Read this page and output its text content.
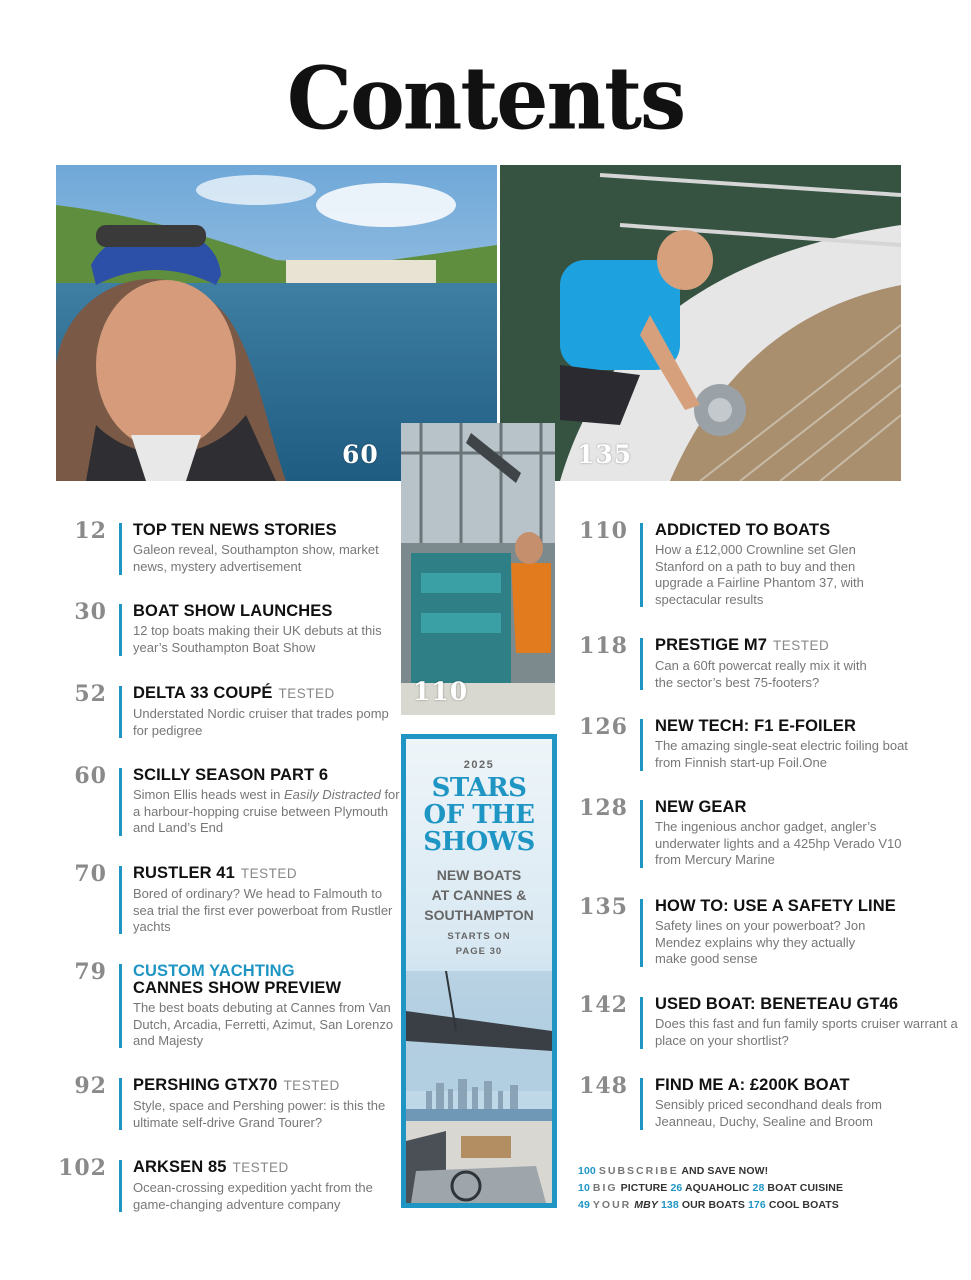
Contents
60	135
110
12 TOP TEN NEWS STORIES
Galeon reveal, Southampton show, market news, mystery advertisement
30 BOAT SHOW LAUNCHES
12 top boats making their UK debuts at this year’s Southampton Boat Show
52 DELTA 33 COUPÉ TESTED
Understated Nordic cruiser that trades pomp for pedigree
60 SCILLY SEASON PART 6
Simon Ellis heads west in Easily Distracted for a harbour-hopping cruise between Plymouth and Land’s End
70 RUSTLER 41 TESTED
Bored of ordinary? We head to Falmouth to sea trial the first ever powerboat from Rustler yachts
79 CUSTOM YACHTING
CANNES SHOW PREVIEW
The best boats debuting at Cannes from Van Dutch, Arcadia, Ferretti, Azimut, San Lorenzo and Majesty
92 PERSHING GTX70 TESTED
Style, space and Pershing power: is this the ultimate self-drive Grand Tourer?
102 ARKSEN 85 TESTED
Ocean-crossing expedition yacht from the game-changing adventure company
110 ADDICTED TO BOATS
How a £12,000 Crownline set Glen Stanford on a path to buy and then upgrade a Fairline Phantom 37, with spectacular results
118 PRESTIGE M7 TESTED
Can a 60ft powercat really mix it with the sector’s best 75-footers?
126 NEW TECH: F1 E-FOILER
The amazing single-seat electric foiling boat from Finnish start-up Foil.One
128 NEW GEAR
The ingenious anchor gadget, angler’s underwater lights and a 425hp Verado V10 from Mercury Marine
135 HOW TO: USE A SAFETY LINE
Safety lines on your powerboat? Jon Mendez explains why they actually make good sense
142 USED BOAT: BENETEAU GT46
Does this fast and fun family sports cruiser warrant a place on your shortlist?
148 FIND ME A: £200K BOAT
Sensibly priced secondhand deals from Jeanneau, Duchy, Sealine and Broom
2025
STARS
OF THE
SHOWS
NEW BOATS
AT CANNES &
SOUTHAMPTON
STARTS ON
PAGE 30
100 SUBSCRIBE AND SAVE NOW!
10 BIG PICTURE 26 AQUAHOLIC 28 BOAT CUISINE
49 YOUR MBY 138 OUR BOATS 176 COOL BOATS
